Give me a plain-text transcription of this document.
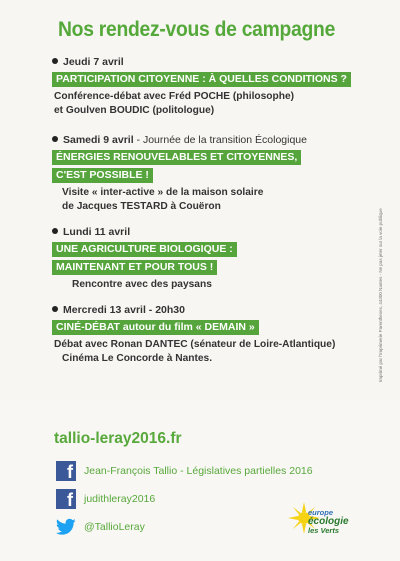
Nos rendez-vous de campagne
Jeudi 7 avril
PARTICIPATION CITOYENNE : À QUELLES CONDITIONS ?
Conférence-débat avec Fréd POCHE (philosophe)
et Goulven BOUDIC (politologue)
Samedi 9 avril - Journée de la transition Écologique
ÉNERGIES RENOUVELABLES ET CITOYENNES,
C'EST POSSIBLE !
Visite « inter-active » de la maison solaire
de Jacques TESTARD à Couëron
Lundi 11 avril
UNE AGRICULTURE BIOLOGIQUE :
MAINTENANT ET POUR TOUS !
Rencontre avec des paysans
Mercredi 13 avril - 20h30
CINÉ-DÉBAT autour du film « DEMAIN »
Débat avec Ronan DANTEC (sénateur de Loire-Atlantique)
Cinéma Le Concorde à Nantes.	Imprimé par l'Imprimerie Parentheses, 44300 Nantes - Ne pas jeter sur la voie publique
tallio-leray2016.fr
f Jean-François Tallio - Législatives partielles 2016
f judithleray2016
@TallioLeray
europe
écologie
les Verts
